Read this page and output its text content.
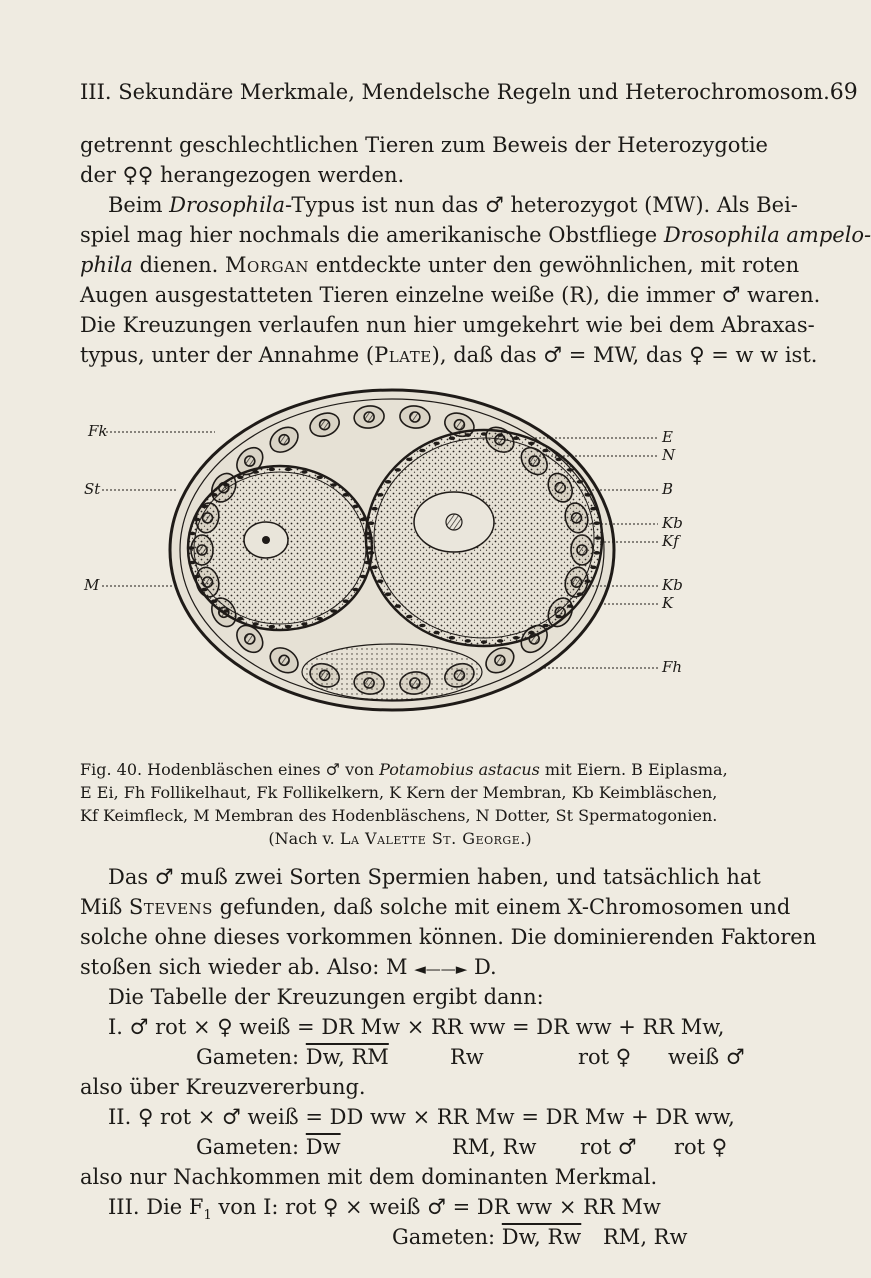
III. Sekundäre Merkmale, Mendelsche Regeln und Heterochromosom. 69
getrennt geschlechtlichen Tieren zum Beweis der Heterozygotie
der ♀♀ herangezogen werden.
Beim Drosophila-Typus ist nun das ♂ heterozygot (MW). Als Bei-
spiel mag hier nochmals die amerikanische Obstfliege Drosophila ampelo-
phila dienen. Morgan entdeckte unter den gewöhnlichen, mit roten
Augen ausgestatteten Tieren einzelne weiße (R), die immer ♂ waren.
Die Kreuzungen verlaufen nun hier umgekehrt wie bei dem Abraxas-
typus, unter der Annahme (Plate), daß das ♂ = MW, das ♀ = w w ist.
Fk
St
M
E
N
B
Kb
Kf
Kb
K
Fh
Fig. 40. Hodenbläschen eines ♂ von Potamobius astacus mit Eiern. B Eiplasma,
E Ei, Fh Follikelhaut, Fk Follikelkern, K Kern der Membran, Kb Keimbläschen,
Kf Keimfleck, M Membran des Hodenbläschens, N Dotter, St Spermatogonien.
(Nach v. La Valette St. George.)
Das ♂ muß zwei Sorten Spermien haben, und tatsächlich hat
Miß Stevens gefunden, daß solche mit einem X-Chromosomen und
solche ohne dieses vorkommen können. Die dominierenden Faktoren
stoßen sich wieder ab. Also: M ◄——► D.
Die Tabelle der Kreuzungen ergibt dann:
I. ♂ rot × ♀ weiß = DR Mw × RR ww = DR ww + RR Mw,
Gameten: Dw, RM	Rw	rot ♀ weiß ♂
also über Kreuzvererbung.
II. ♀ rot × ♂ weiß = DD ww × RR Mw = DR Mw + DR ww,
Gameten: $\overline{Dw}$	RM, Rw rot ♂ rot ♀
also nur Nachkommen mit dem dominanten Merkmal.
III. Die $F_1$ von I: rot ♀ × weiß ♂ = DR ww × RR Mw
Gameten: Dw, Rw RM, Rw
